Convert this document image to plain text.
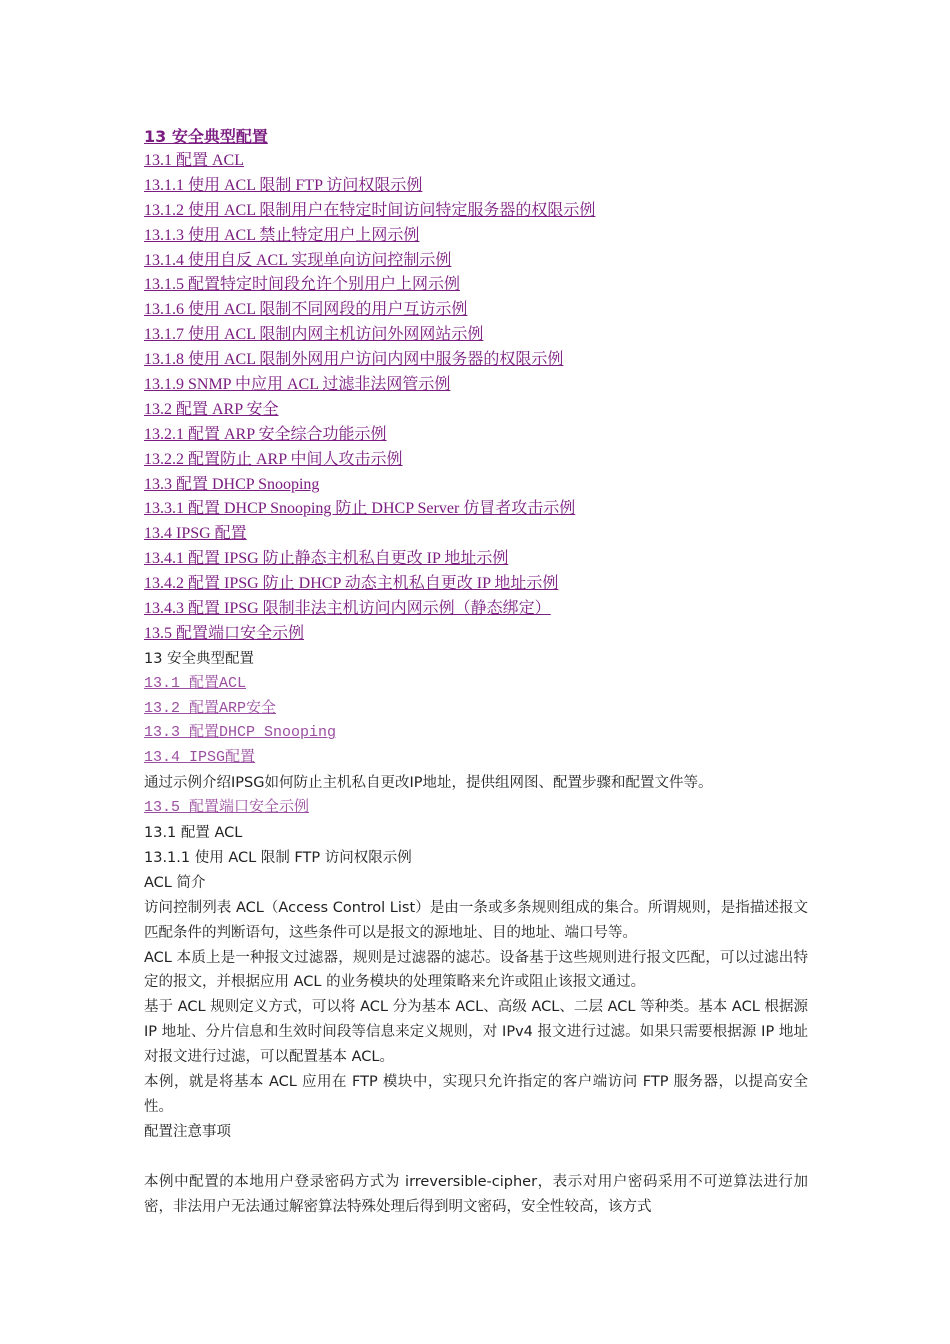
13 安全典型配置
13.1 配置 ACL
13.1.1 使用 ACL 限制 FTP 访问权限示例
13.1.2 使用 ACL 限制用户在特定时间访问特定服务器的权限示例
13.1.3 使用 ACL 禁止特定用户上网示例
13.1.4 使用自反 ACL 实现单向访问控制示例
13.1.5 配置特定时间段允许个别用户上网示例
13.1.6 使用 ACL 限制不同网段的用户互访示例
13.1.7 使用 ACL 限制内网主机访问外网网站示例
13.1.8 使用 ACL 限制外网用户访问内网中服务器的权限示例
13.1.9 SNMP 中应用 ACL 过滤非法网管示例
13.2 配置 ARP 安全
13.2.1 配置 ARP 安全综合功能示例
13.2.2 配置防止 ARP 中间人攻击示例
13.3 配置 DHCP Snooping
13.3.1 配置 DHCP Snooping 防止 DHCP Server 仿冒者攻击示例
13.4 IPSG 配置
13.4.1 配置 IPSG 防止静态主机私自更改 IP 地址示例
13.4.2 配置 IPSG 防止 DHCP 动态主机私自更改 IP 地址示例
13.4.3 配置 IPSG 限制非法主机访问内网示例（静态绑定）
13.5 配置端口安全示例
13 安全典型配置
13.1 配置ACL
13.2 配置ARP安全
13.3 配置DHCP Snooping
13.4 IPSG配置
通过示例介绍IPSG如何防止主机私自更改IP地址，提供组网图、配置步骤和配置文件等。
13.5 配置端口安全示例
13.1 配置 ACL
13.1.1 使用 ACL 限制 FTP 访问权限示例
ACL 简介

访问控制列表 ACL（Access Control List）是由一条或多条规则组成的集合。所谓规则，是指描述报文匹配条件的判断语句，这些条件可以是报文的源地址、目的地址、端口号等。

ACL 本质上是一种报文过滤器，规则是过滤器的滤芯。设备基于这些规则进行报文匹配，可以过滤出特定的报文，并根据应用 ACL 的业务模块的处理策略来允许或阻止该报文通过。

基于 ACL 规则定义方式，可以将 ACL 分为基本 ACL、高级 ACL、二层 ACL 等种类。基本 ACL 根据源 IP 地址、分片信息和生效时间段等信息来定义规则，对 IPv4 报文进行过滤。如果只需要根据源 IP 地址对报文进行过滤，可以配置基本 ACL。

本例，就是将基本 ACL 应用在 FTP 模块中，实现只允许指定的客户端访问 FTP 服务器，以提高安全性。

配置注意事项

本例中配置的本地用户登录密码方式为 irreversible-cipher，表示对用户密码采用不可逆算法进行加密，非法用户无法通过解密算法特殊处理后得到明文密码，安全性较高，该方式
